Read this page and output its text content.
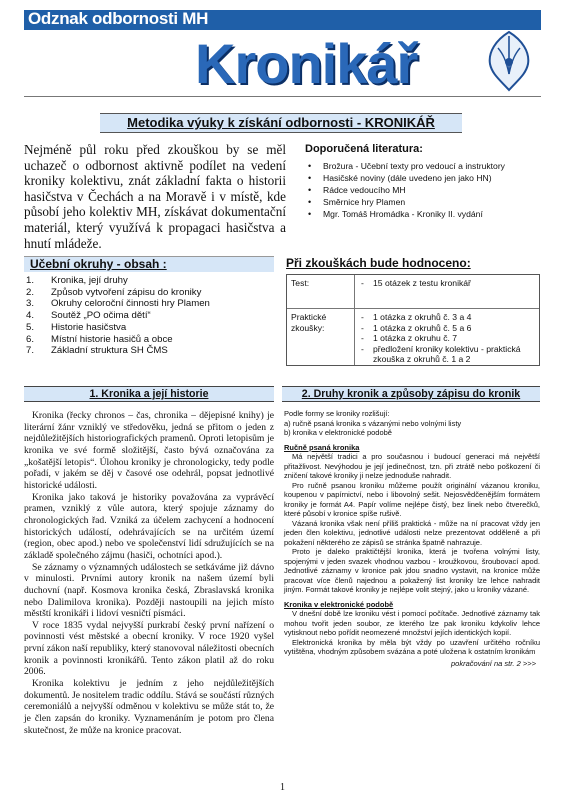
Odznak odbornosti MH
Kronikář
Metodika výuky k získání odbornosti - KRONIKÁŘ
Nejméně půl roku před zkouškou by se měl uchazeč o odbornost aktivně podílet na vedení kroniky kolektivu, znát základní fakta o historii hasičstva v Čechách a na Moravě i v místě, kde působí jeho kolektiv MH, získávat dokumentační materiál, který využívá k propagaci hasičstva a hnutí mládeže.
Doporučená literatura:
• Brožura - Učební texty pro vedoucí a instruktory
• Hasičské noviny (dále uvedeno jen jako HN)
• Rádce vedoucího MH
• Směrnice hry Plamen
• Mgr. Tomáš Hromádka - Kroniky II. vydání
Učební okruhy - obsah :
1. Kronika, její druhy
2. Způsob vytvoření zápisu do kroniky
3. Okruhy celoroční činnosti hry Plamen
4. Soutěž „PO očima dětí“
5. Historie hasičstva
6. Místní historie hasičů a obce
7. Základní struktura SH ČMS
Při zkouškách bude hodnoceno:
Test:	- 15 otázek z testu kronikář
Praktické zkoušky:
- 1 otázka z okruhů č. 3 a 4
- 1 otázka z okruhů č. 5 a 6
- 1 otázka z okruhu č. 7
- předložení kroniky kolektivu - praktická zkouška z okruhů č. 1 a 2
1. Kronika a její historie	2. Druhy kronik a způsoby zápisu do kronik

Kronika (řecky chronos – čas, chronika – dějepisné knihy) je literární žánr vzniklý ve středověku, jedná se přitom o jeden z nejdůležitějších historiografických pramenů. Oproti letopisům je kronika ve své formě složitější, často bývá označována za „košatější letopis“. Úlohou kroniky je chronologicky, tedy podle pořadí, v jakém se děj v časové ose odehrál, popsat jednotlivé historické události.

Kronika jako taková je historiky považována za vyprávěcí pramen, vzniklý z vůle autora, který spojuje záznamy do chronologických řad. Vzniká za účelem zachycení a hodnocení historických událostí, odehrávajících se na určitém území (region, obec apod.) nebo ve společenství lidí sdružujících se na základě společného zájmu (hasiči, ochotníci apod.).

Se záznamy o významných událostech se setkáváme již dávno v minulosti. Prvními autory kronik na našem území byli duchovní (např. Kosmova kronika česká, Zbraslavská kronika nebo Dalimilova kronika). Později nastoupili na jejich místo městští kronikáři i lidoví vesničtí písmáci.

V roce 1835 vydal nejvyšší purkrabí český první nařízení o povinnosti vést městské a obecní kroniky. V roce 1920 vyšel první zákon naší republiky, který stanovoval náležitosti obecních kronik a povinnosti kronikářů. Tento zákon platil až do roku 2006.

Kronika kolektivu je jedním z jeho nejdůležitějších dokumentů. Je nositelem tradic oddílu. Stává se součástí různých ceremoniálů a nejvyšší odměnou v kolektivu se může stát to, že je člen zapsán do kroniky. Vyznamenáním je potom pro člena skutečnost, že může na kronice pracovat.

Podle formy se kroniky rozlišují:

a) ručně psaná kronika s vázanými nebo volnými listy

b) kronika v elektronické podobě

Ručně psaná kronika

Má největší tradici a pro současnou i budoucí generaci má největší přitažlivost. Nevýhodou je její jedinečnost, tzn. při ztrátě nebo poškození či zničení takové kroniky ji nelze jednoduše nahradit.

Pro ručně psanou kroniku můžeme použít originální vázanou kroniku, koupenou v papírnictví, nebo i libovolný sešit. Nejosvědčenějším formátem kroniky je formát A4. Papír volíme nejlépe čistý, bez linek nebo čtverečků, které působí v kronice spíše rušivě.

Vázaná kronika však není příliš praktická - může na ní pracovat vždy jen jeden člen kolektivu, jednotlivé události nelze prezentovat odděleně a při pokažení některého ze zápisů se stránka špatně nahrazuje.

Proto je daleko praktičtější kronika, která je tvořena volnými listy, spojenými v jeden svazek vhodnou vazbou - kroužkovou, šroubovací apod. Jednotlivé záznamy v kronice pak jdou snadno vystavit, na kronice může pracovat více členů najednou a pokažený list kroniky lze lehce nahradit jiným. Formát takové kroniky je nejlépe volit stejný, jako u kroniky vázané.

Kronika v elektronické podobě

V dnešní době lze kroniku vést i pomocí počítače. Jednotlivé záznamy tak mohou tvořit jeden soubor, ze kterého lze pak kroniku kdykoliv lehce vytisknout nebo pořídit neomezené množství jejích identických kopií.

Elektronická kronika by měla být vždy po uzavření určitého ročníku vytištěna, vhodným způsobem svázána a poté uložena k ostatním kronikám

pokračování na str. 2 >>>

1
